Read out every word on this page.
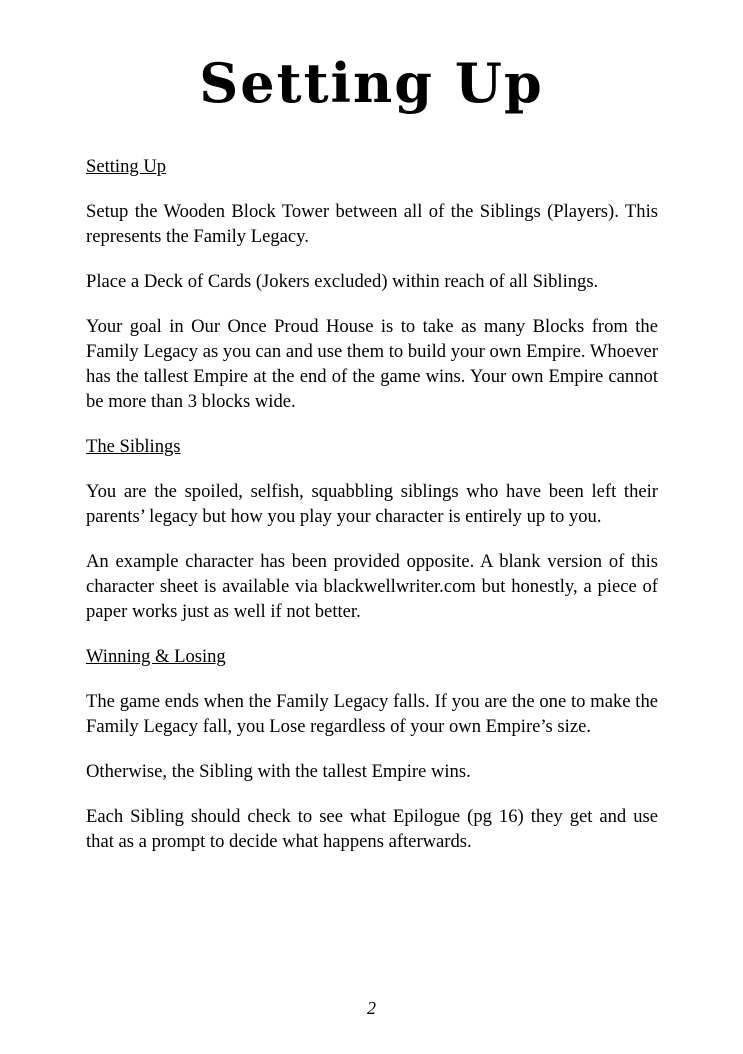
Setting Up

Setting Up

Setup the Wooden Block Tower between all of the Siblings (Players). This represents the Family Legacy.

Place a Deck of Cards (Jokers excluded) within reach of all Siblings.

Your goal in Our Once Proud House is to take as many Blocks from the Family Legacy as you can and use them to build your own Empire. Whoever has the tallest Empire at the end of the game wins. Your own Empire cannot be more than 3 blocks wide.

The Siblings

You are the spoiled, selfish, squabbling siblings who have been left their parents’ legacy but how you play your character is entirely up to you.

An example character has been provided opposite. A blank version of this character sheet is available via blackwellwriter.com but honestly, a piece of paper works just as well if not better.

Winning & Losing

The game ends when the Family Legacy falls. If you are the one to make the Family Legacy fall, you Lose regardless of your own Empire’s size.

Otherwise, the Sibling with the tallest Empire wins.

Each Sibling should check to see what Epilogue (pg 16) they get and use that as a prompt to decide what happens afterwards.

2
